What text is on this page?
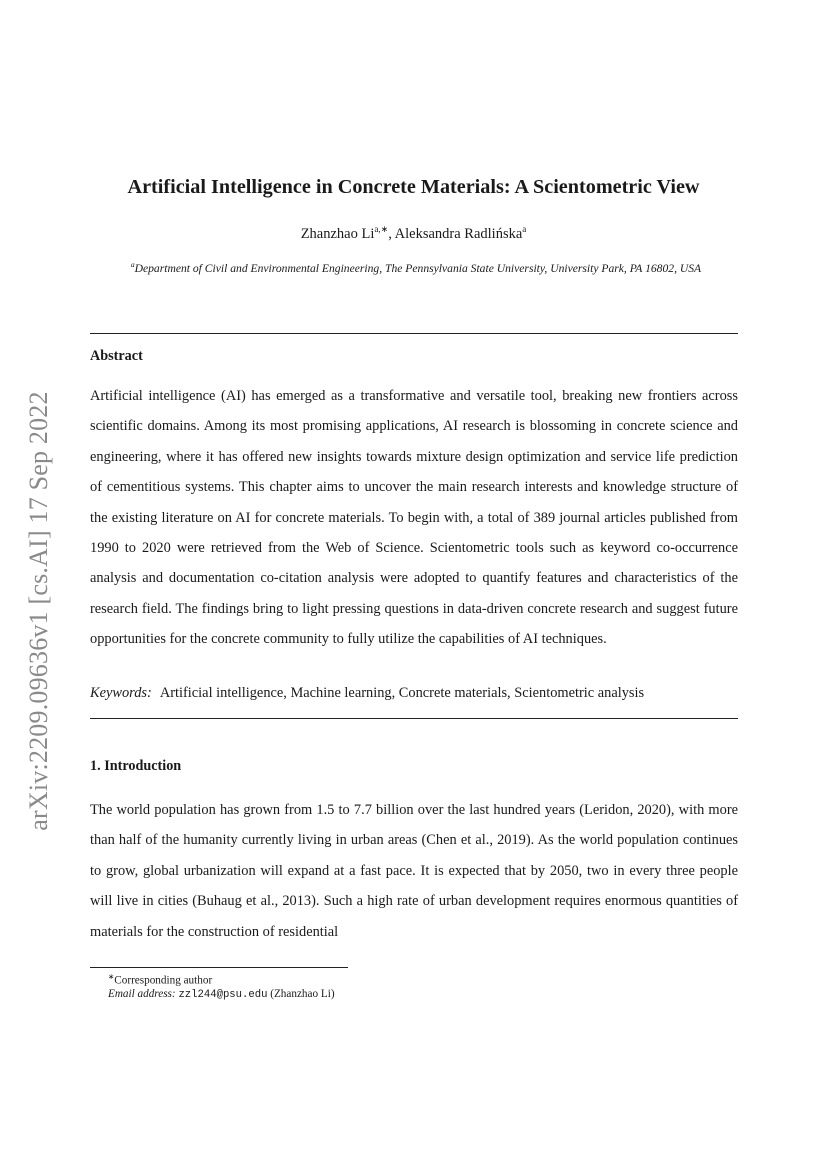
arXiv:2209.09636v1 [cs.AI] 17 Sep 2022
Artificial Intelligence in Concrete Materials: A Scientometric View
Zhanzhao $Li^{a,∗}$, Aleksandra Radlińska$^a$
$^a$Department of Civil and Environmental Engineering, The Pennsylvania State University, University Park, PA 16802, USA
Abstract
Artificial intelligence (AI) has emerged as a transformative and versatile tool, breaking new frontiers across scientific domains. Among its most promising applications, AI research is blossoming in concrete science and engineering, where it has offered new insights towards mixture design optimization and service life prediction of cementitious systems. This chapter aims to uncover the main research interests and knowledge structure of the existing literature on AI for concrete materials. To begin with, a total of 389 journal articles published from 1990 to 2020 were retrieved from the Web of Science. Scientometric tools such as keyword co-occurrence analysis and documentation co-citation analysis were adopted to quantify features and characteristics of the research field. The findings bring to light pressing questions in data-driven concrete research and suggest future opportunities for the concrete community to fully utilize the capabilities of AI techniques.
Keywords: Artificial intelligence, Machine learning, Concrete materials, Scientometric analysis
1. Introduction
The world population has grown from 1.5 to 7.7 billion over the last hundred years (Leridon, 2020), with more than half of the humanity currently living in urban areas (Chen et al., 2019). As the world population continues to grow, global urbanization will expand at a fast pace. It is expected that by 2050, two in every three people will live in cities (Buhaug et al., 2013). Such a high rate of urban development requires enormous quantities of materials for the construction of residential
∗Corresponding author
Email address: zzl244@psu.edu (Zhanzhao Li)
